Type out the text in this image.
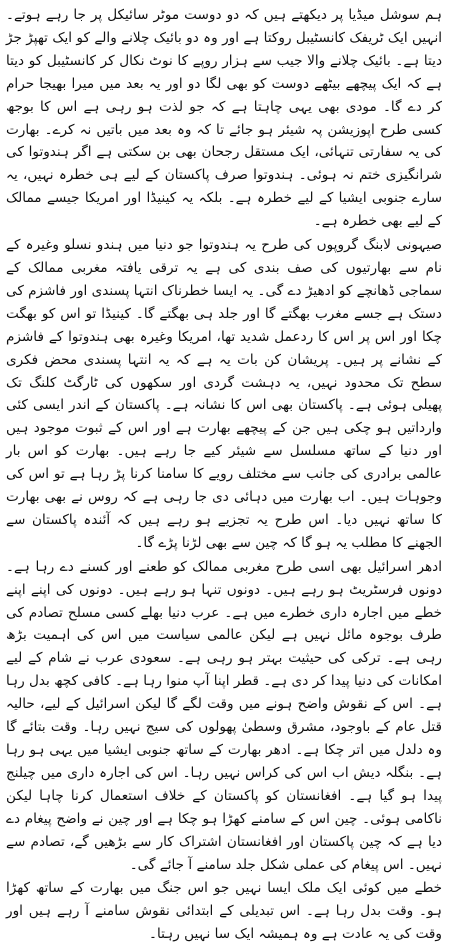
ہم سوشل میڈیا پر دیکھتے ہیں کہ دو دوست موٹر سائیکل پر جا رہے ہوتے۔ انہیں ایک ٹریفک کانسٹیبل روکتا ہے اور وہ دو بائیک چلانے والے کو ایک تھپڑ جڑ دیتا ہے۔ بائیک چلانے والا جیب سے ہزار روپے کا نوٹ نکال کر کانسٹیبل کو دیتا ہے کہ ایک پیچھے بیٹھے دوست کو بھی لگا دو اور یہ بعد میں میرا بھیجا حرام کر دے گا۔ مودی بھی یہی چاہتا ہے کہ جو لذت ہو رہی ہے اس کا بوجھ کسی طرح اپوزیشن پہ شیئر ہو جائے تا کہ وہ بعد میں باتیں نہ کرے۔ بھارت کی یہ سفارتی تنہائی، ایک مستقل رجحان بھی بن سکتی ہے اگر ہندوتوا کی شرانگیزی ختم نہ ہوئی۔ ہندوتوا صرف پاکستان کے لیے ہی خطرہ نہیں، یہ سارے جنوبی ایشیا کے لیے خطرہ ہے۔ بلکہ یہ کینیڈا اور امریکا جیسے ممالک کے لیے بھی خطرہ ہے۔

صیہونی لابنگ گروپوں کی طرح یہ ہندوتوا جو دنیا میں ہندو نسلو وغیرہ کے نام سے بھارتیوں کی صف بندی کی ہے یہ ترقی یافتہ مغربی ممالک کے سماجی ڈھانچے کو ادھیڑ دے گی۔ یہ ایسا خطرناک انتہا پسندی اور فاشزم کی دستک ہے جسے مغرب بھگتے گا اور جلد ہی بھگتے گا۔ کینیڈا تو اس کو بھگت چکا اور اس پر اس کا ردعمل شدید تھا، امریکا وغیرہ بھی ہندوتوا کے فاشزم کے نشانے پر ہیں۔ پریشان کن بات یہ ہے کہ یہ انتہا پسندی محض فکری سطح تک محدود نہیں، یہ دہشت گردی اور سکھوں کی ٹارگٹ کلنگ تک پھیلی ہوئی ہے۔ پاکستان بھی اس کا نشانہ ہے۔ پاکستان کے اندر ایسی کئی وارداتیں ہو چکی ہیں جن کے پیچھے بھارت ہے اور اس کے ثبوت موجود ہیں اور دنیا کے ساتھ مسلسل سے شیئر کیے جا رہے ہیں۔ بھارت کو اس بار عالمی برادری کی جانب سے مختلف رویے کا سامنا کرنا پڑ رہا ہے تو اس کی وجوہات ہیں۔ اب بھارت میں دہائی دی جا رہی ہے کہ روس نے بھی بھارت کا ساتھ نہیں دیا۔ اس طرح یہ تجزیے ہو رہے ہیں کہ آئندہ پاکستان سے الجھنے کا مطلب یہ ہو گا کہ چین سے بھی لڑنا پڑے گا۔

ادھر اسرائیل بھی اسی طرح مغربی ممالک کو طعنے اور کسنے دے رہا ہے۔ دونوں فرسٹریٹ ہو رہے ہیں۔ دونوں تنہا ہو رہے ہیں۔ دونوں کی اپنے اپنے خطے میں اجارہ داری خطرے میں ہے۔ عرب دنیا بھلے کسی مسلح تصادم کی طرف بوجوہ مائل نہیں ہے لیکن عالمی سیاست میں اس کی اہمیت بڑھ رہی ہے۔ ترکی کی حیثیت بہتر ہو رہی ہے۔ سعودی عرب نے شام کے لیے امکانات کی دنیا پیدا کر دی ہے۔ قطر اپنا آپ منوا رہا ہے۔ کافی کچھ بدل رہا ہے۔ اس کے نقوش واضح ہونے میں وقت لگے گا لیکن اسرائیل کے لیے، حالیہ قتل عام کے باوجود، مشرق وسطیٰ پھولوں کی سیج نہیں رہا۔ وقت بتائے گا وہ دلدل میں اتر چکا ہے۔ ادھر بھارت کے ساتھ جنوبی ایشیا میں یہی ہو رہا ہے۔ بنگلہ دیش اب اس کی کراس نہیں رہا۔ اس کی اجارہ داری میں چیلنج پیدا ہو گیا ہے۔ افغانستان کو پاکستان کے خلاف استعمال کرنا چاہا لیکن ناکامی ہوئی۔ چین اس کے سامنے کھڑا ہو چکا ہے اور چین نے واضح پیغام دے دیا ہے کہ چین پاکستان اور افغانستان اشتراک کار سے بڑھیں گے، تصادم سے نہیں۔ اس پیغام کی عملی شکل جلد سامنے آ جائے گی۔

خطے میں کوئی ایک ملک ایسا نہیں جو اس جنگ میں بھارت کے ساتھ کھڑا ہو۔ وقت بدل رہا ہے۔ اس تبدیلی کے ابتدائی نقوش سامنے آ رہے ہیں اور وقت کی یہ عادت ہے وہ ہمیشہ ایک سا نہیں رہتا۔
